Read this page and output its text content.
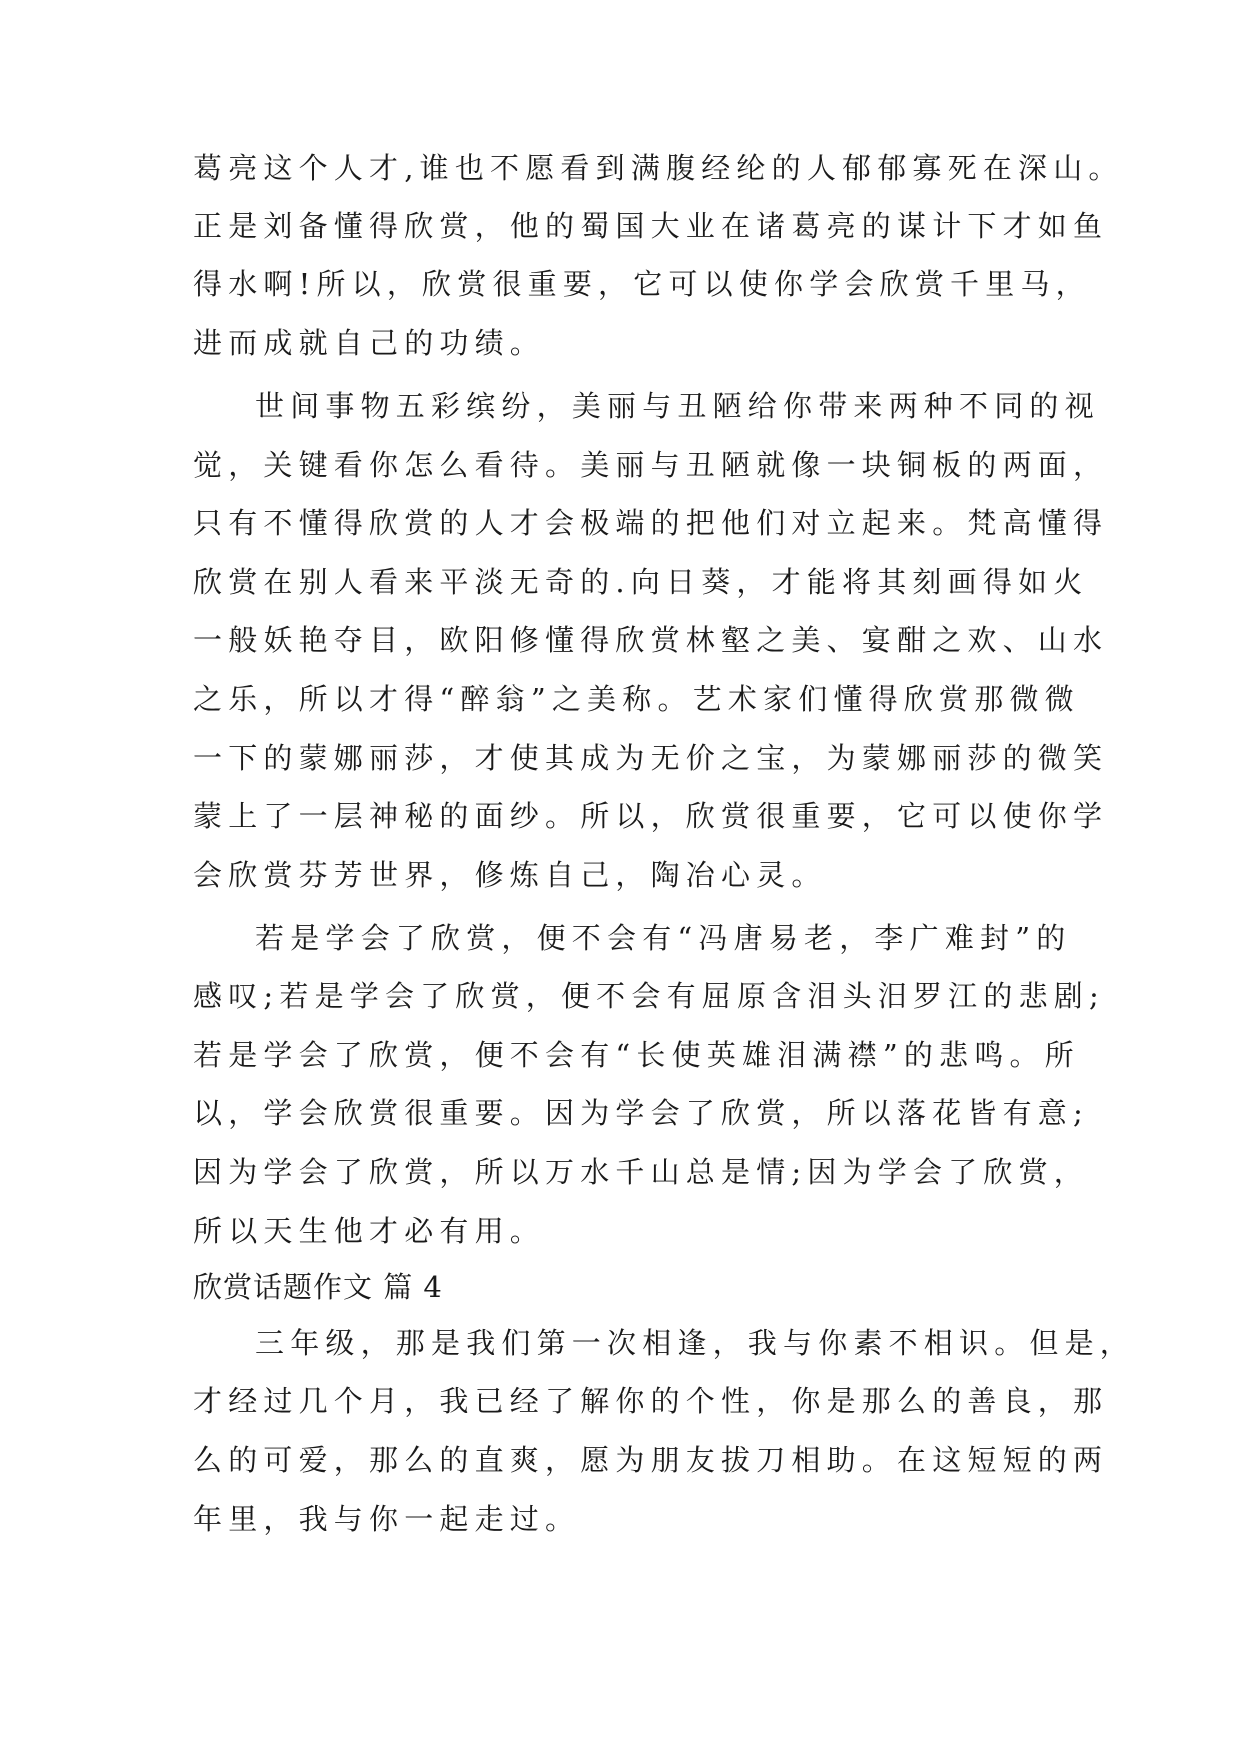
葛亮这个人才,谁也不愿看到满腹经纶的人郁郁寡死在深山。
正是刘备懂得欣赏，他的蜀国大业在诸葛亮的谋计下才如鱼
得水啊!所以，欣赏很重要，它可以使你学会欣赏千里马，
进而成就自己的功绩。
世间事物五彩缤纷，美丽与丑陋给你带来两种不同的视
觉，关键看你怎么看待。美丽与丑陋就像一块铜板的两面，
只有不懂得欣赏的人才会极端的把他们对立起来。梵高懂得
欣赏在别人看来平淡无奇的.向日葵，才能将其刻画得如火
一般妖艳夺目，欧阳修懂得欣赏林壑之美、宴酣之欢、山水
之乐，所以才得“醉翁”之美称。艺术家们懂得欣赏那微微
一下的蒙娜丽莎，才使其成为无价之宝，为蒙娜丽莎的微笑
蒙上了一层神秘的面纱。所以，欣赏很重要，它可以使你学
会欣赏芬芳世界，修炼自己，陶冶心灵。
若是学会了欣赏，便不会有“冯唐易老，李广难封”的
感叹;若是学会了欣赏，便不会有屈原含泪头汨罗江的悲剧;
若是学会了欣赏，便不会有“长使英雄泪满襟”的悲鸣。所
以，学会欣赏很重要。因为学会了欣赏，所以落花皆有意;
因为学会了欣赏，所以万水千山总是情;因为学会了欣赏，
所以天生他才必有用。
欣赏话题作文 篇 4
三年级，那是我们第一次相逢，我与你素不相识。但是，
才经过几个月，我已经了解你的个性，你是那么的善良，那
么的可爱，那么的直爽，愿为朋友拔刀相助。在这短短的两
年里，我与你一起走过。
